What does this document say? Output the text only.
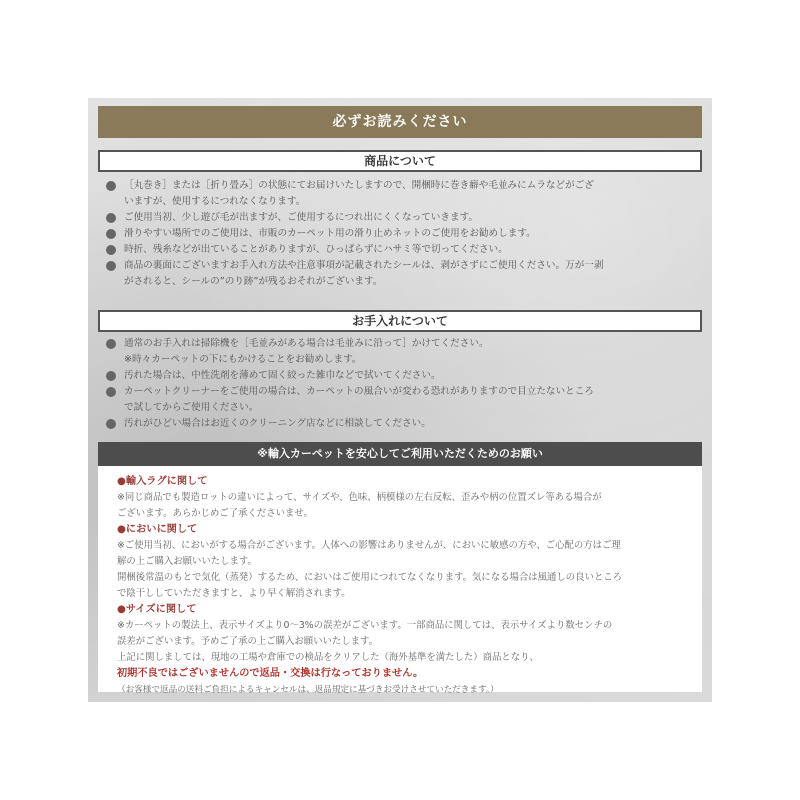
必ずお読みください
商品について
［丸巻き］または［折り畳み］の状態にてお届けいたしますので、開梱時に巻き癖や毛並みにムラなどがござ
いますが、使用するにつれなくなります。
ご使用当初、少し遊び毛が出ますが、ご使用するにつれ出にくくなっていきます。
滑りやすい場所でのご使用は、市販のカーペット用の滑り止めネットのご使用をお勧めします。
時折、残糸などが出ていることがありますが、ひっぱらずにハサミ等で切ってください。
商品の裏面にございますお手入れ方法や注意事項が記載されたシールは、剥がさずにご使用ください。万が一剥
がされると、シールの”のり跡”が残るおそれがございます。
お手入れについて
通常のお手入れは掃除機を［毛並みがある場合は毛並みに沿って］かけてください。
※時々カーペットの下にもかけることをお勧めします。
汚れた場合は、中性洗剤を薄めて固く絞った雑巾などで拭いてください。
カーペットクリーナーをご使用の場合は、カーペットの風合いが変わる恐れがありますので目立たないところ
で試してからご使用ください。
汚れがひどい場合はお近くのクリーニング店などに相談してください。
※輸入カーペットを安心してご利用いただくためのお願い
●輸入ラグに関して
※同じ商品でも製造ロットの違いによって、サイズや、色味、柄模様の左右反転、歪みや柄の位置ズレ等ある場合が
ございます。あらかじめご了承くださいませ。
●においに関して
※ご使用当初、においがする場合がございます。人体への影響はありませんが、においに敏感の方や、ご心配の方はご理
解の上ご購入お願いいたします。
開梱後常温のもとで気化（蒸発）するため、においはご使用につれてなくなります。気になる場合は風通しの良いところ
で陰干ししていただきますと、より早く解消されます。
●サイズに関して
※カーペットの製法上、表示サイズより0～3%の誤差がございます。一部商品に関しては、表示サイズより数センチの
誤差がございます。予めご了承の上ご購入お願いいたします。
上記に関しましては、現地の工場や倉庫での検品をクリアした（海外基準を満たした）商品となり、
初期不良ではございませんので返品・交換は行なっておりません。
（お客様で返品の送料ご負担によるキャンセルは、返品規定に基づきお受けさせていただきます。）
